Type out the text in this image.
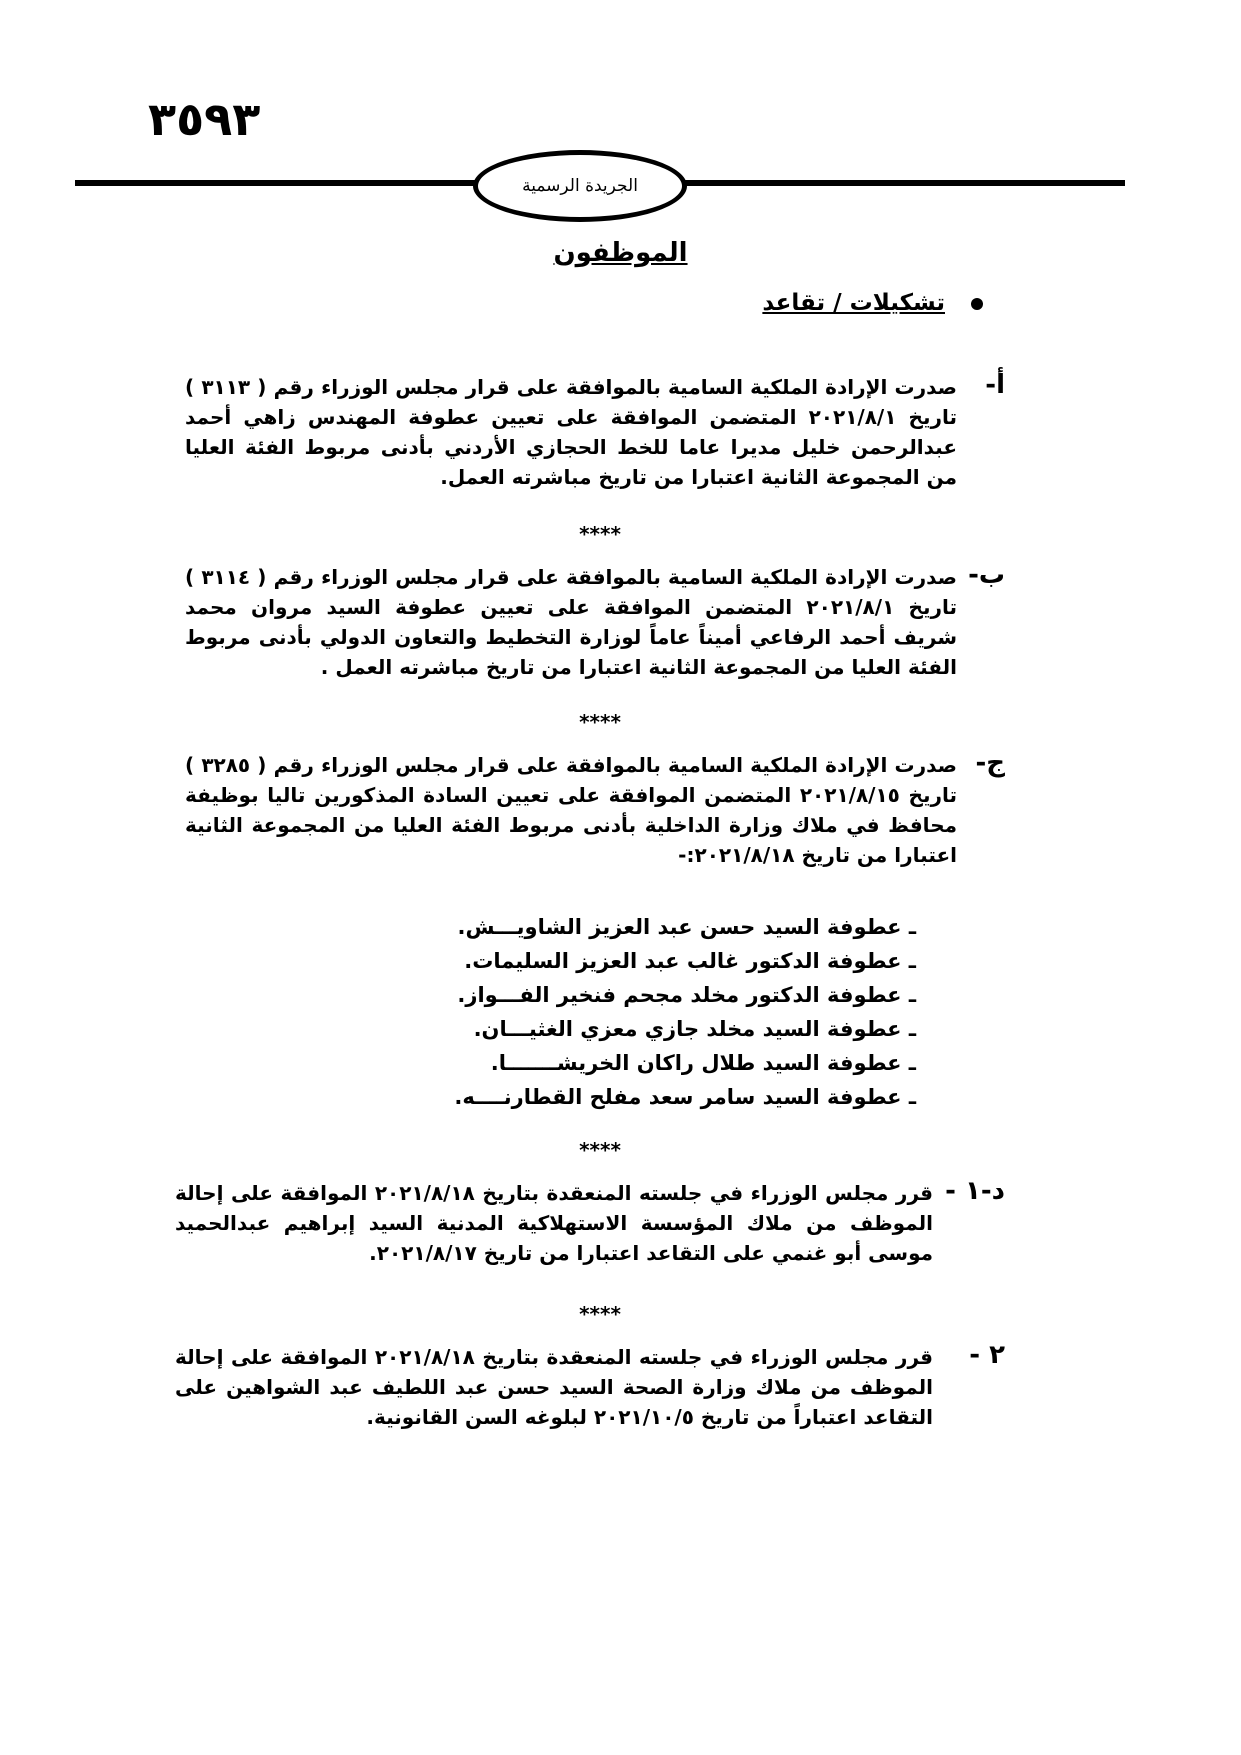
٣٥٩٣
الجريدة الرسمية
الموظفون
تشكيلات / تقاعد
أ-
صدرت الإرادة الملكية السامية بالموافقة على قرار مجلس الوزراء رقم ( ٣١١٣ ) تاريخ ٢٠٢١/٨/١ المتضمن الموافقة على تعيين عطوفة المهندس زاهي أحمد عبدالرحمن خليل مديرا عاما للخط الحجازي الأردني بأدنى مربوط الفئة العليا من المجموعة الثانية اعتبارا من تاريخ مباشرته العمل.
****
ب-
صدرت الإرادة الملكية السامية بالموافقة على قرار مجلس الوزراء رقم ( ٣١١٤ ) تاريخ ٢٠٢١/٨/١ المتضمن الموافقة على تعيين عطوفة السيد مروان محمد شريف أحمد الرفاعي أميناً عاماً لوزارة التخطيط والتعاون الدولي بأدنى مربوط الفئة العليا من المجموعة الثانية اعتبارا من تاريخ مباشرته العمل .
****
ج-
صدرت الإرادة الملكية السامية بالموافقة على قرار مجلس الوزراء رقم ( ٣٢٨٥ ) تاريخ ٢٠٢١/٨/١٥ المتضمن الموافقة على تعيين السادة المذكورين تاليا بوظيفة محافظ في ملاك وزارة الداخلية بأدنى مربوط الفئة العليا من المجموعة الثانية اعتبارا من تاريخ ٢٠٢١/٨/١٨:-
ـ عطوفة السيد حسن عبد العزيز الشاويـــش.
ـ عطوفة الدكتور غالب عبد العزيز السليمات.
ـ عطوفة الدكتور مخلد مجحم فنخير الفـــواز.
ـ عطوفة السيد مخلد جازي معزي الغثيـــان.
ـ عطوفة السيد طلال راكان الخريشـــــــا.
ـ عطوفة السيد سامر سعد مفلح القطارنــــه.
****
د-١ -
قرر مجلس الوزراء في جلسته المنعقدة بتاريخ ٢٠٢١/٨/١٨ الموافقة على إحالة الموظف من ملاك المؤسسة الاستهلاكية المدنية السيد إبراهيم عبدالحميد موسى أبو غنمي على التقاعد اعتبارا من تاريخ ٢٠٢١/٨/١٧.
****
٢ -
قرر مجلس الوزراء في جلسته المنعقدة بتاريخ ٢٠٢١/٨/١٨ الموافقة على إحالة الموظف من ملاك وزارة الصحة السيد حسن عبد اللطيف عبد الشواهين على التقاعد اعتباراً من تاريخ ٢٠٢١/١٠/٥ لبلوغه السن القانونية.
